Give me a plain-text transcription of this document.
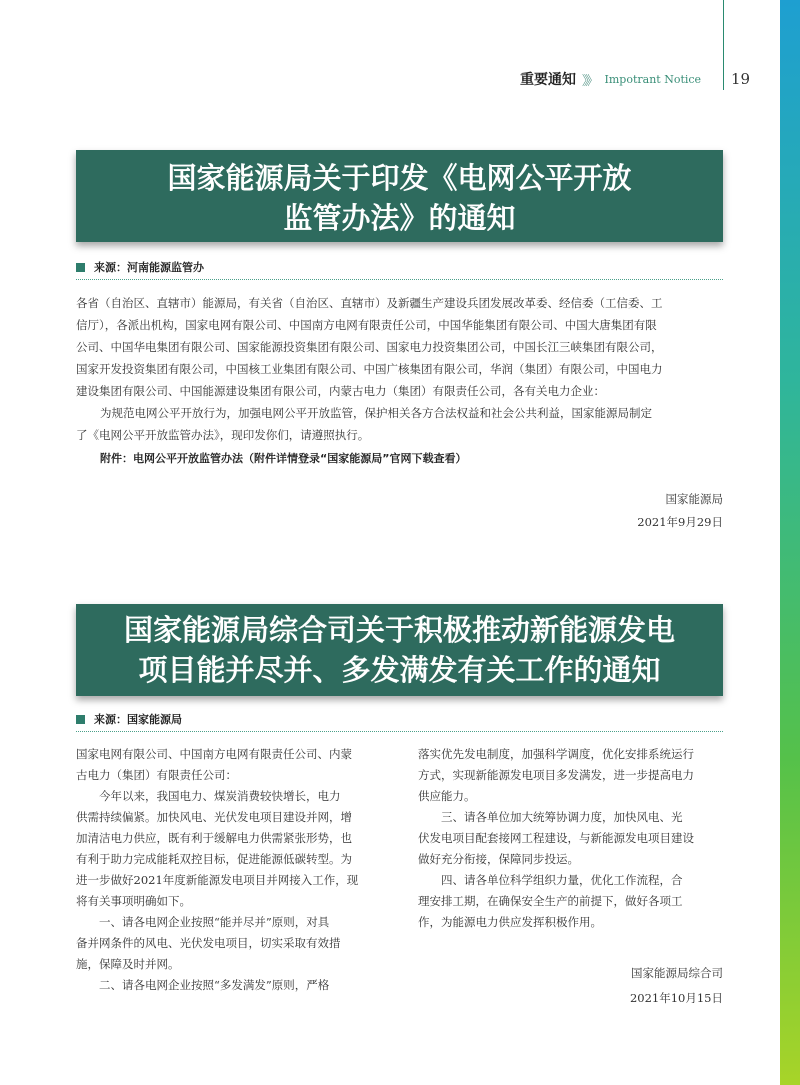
重要通知 》》 Impotrant Notice 19
国家能源局关于印发《电网公平开放
监管办法》的通知
来源：河南能源监管办

各省（自治区、直辖市）能源局，有关省（自治区、直辖市）及新疆生产建设兵团发展改革委、经信委（工信委、工

信厅），各派出机构，国家电网有限公司、中国南方电网有限责任公司，中国华能集团有限公司、中国大唐集团有限

公司、中国华电集团有限公司、国家能源投资集团有限公司、国家电力投资集团公司，中国长江三峡集团有限公司，

国家开发投资集团有限公司，中国核工业集团有限公司、中国广核集团有限公司，华润（集团）有限公司，中国电力

建设集团有限公司、中国能源建设集团有限公司，内蒙古电力（集团）有限责任公司，各有关电力企业：

为规范电网公平开放行为，加强电网公平开放监管，保护相关各方合法权益和社会公共利益，国家能源局制定

了《电网公平开放监管办法》，现印发你们，请遵照执行。

附件：电网公平开放监管办法（附件详情登录“国家能源局”官网下载查看）

国家能源局
2021年9月29日
国家能源局综合司关于积极推动新能源发电
项目能并尽并、多发满发有关工作的通知
来源：国家能源局

国家电网有限公司、中国南方电网有限责任公司、内蒙

古电力（集团）有限责任公司：

　　今年以来，我国电力、煤炭消费较快增长，电力

供需持续偏紧。加快风电、光伏发电项目建设并网，增

加清洁电力供应，既有利于缓解电力供需紧张形势，也

有利于助力完成能耗双控目标，促进能源低碳转型。为

进一步做好2021年度新能源发电项目并网接入工作，现

将有关事项明确如下。

　　一、请各电网企业按照“能并尽并”原则，对具

备并网条件的风电、光伏发电项目，切实采取有效措

施，保障及时并网。

　　二、请各电网企业按照“多发满发”原则，严格

落实优先发电制度，加强科学调度，优化安排系统运行

方式，实现新能源发电项目多发满发，进一步提高电力

供应能力。

　　三、请各单位加大统筹协调力度，加快风电、光

伏发电项目配套接网工程建设，与新能源发电项目建设

做好充分衔接，保障同步投运。

　　四、请各单位科学组织力量，优化工作流程，合

理安排工期，在确保安全生产的前提下，做好各项工

作，为能源电力供应发挥积极作用。

国家能源局综合司
2021年10月15日
